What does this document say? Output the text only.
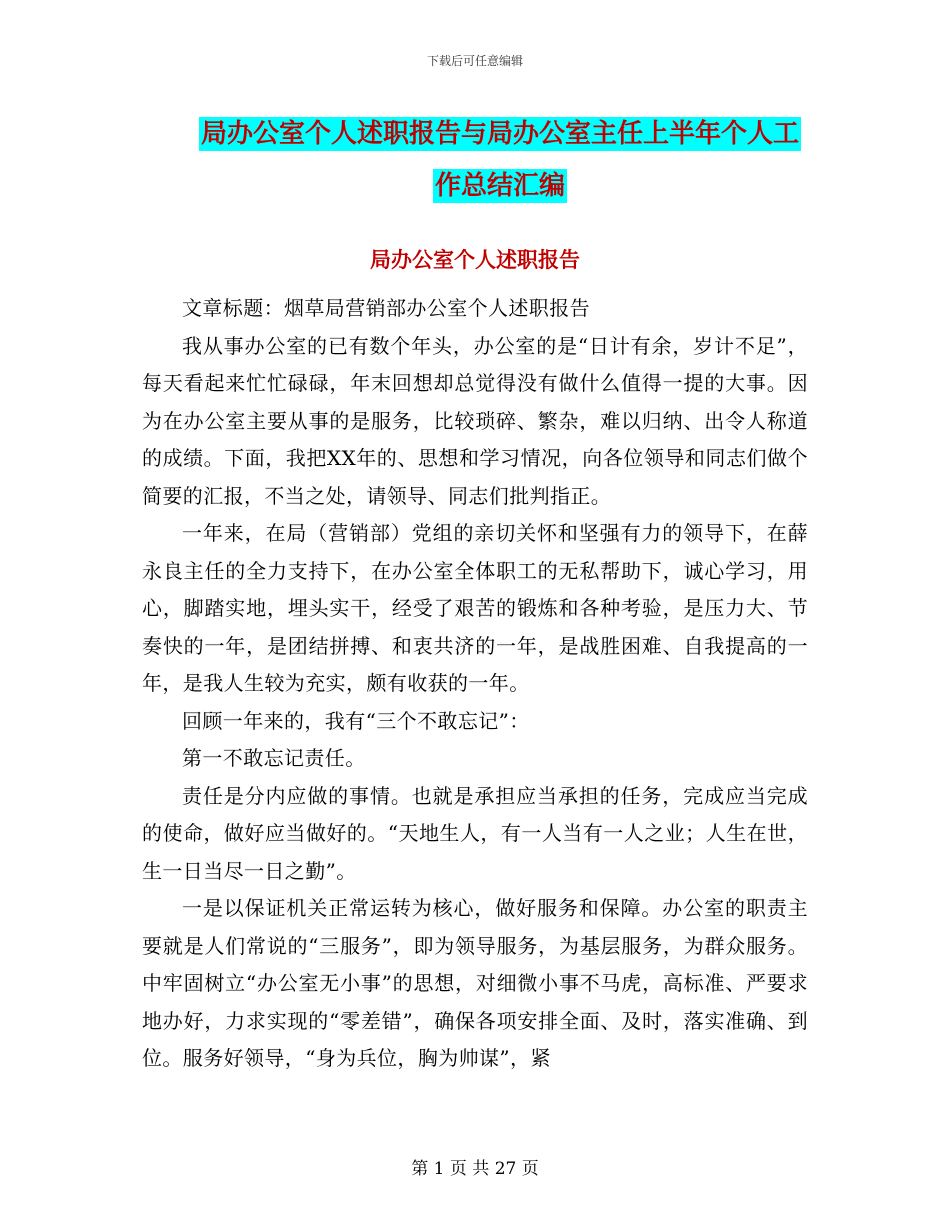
下载后可任意编辑
局办公室个人述职报告与局办公室主任上半年个人工
作总结汇编
局办公室个人述职报告

文章标题：烟草局营销部办公室个人述职报告

我从事办公室的已有数个年头，办公室的是“日计有余，岁计不足”，每天看起来忙忙碌碌，年末回想却总觉得没有做什么值得一提的大事。因为在办公室主要从事的是服务，比较琐碎、繁杂，难以归纳、出令人称道的成绩。下面，我把XX年的、思想和学习情况，向各位领导和同志们做个简要的汇报，不当之处，请领导、同志们批判指正。

一年来，在局（营销部）党组的亲切关怀和坚强有力的领导下，在薛永良主任的全力支持下，在办公室全体职工的无私帮助下，诚心学习，用心，脚踏实地，埋头实干，经受了艰苦的锻炼和各种考验，是压力大、节奏快的一年，是团结拼搏、和衷共济的一年，是战胜困难、自我提高的一年，是我人生较为充实，颇有收获的一年。

回顾一年来的，我有“三个不敢忘记”：

第一不敢忘记责任。

责任是分内应做的事情。也就是承担应当承担的任务，完成应当完成的使命，做好应当做好的。“天地生人，有一人当有一人之业；人生在世，生一日当尽一日之勤”。

一是以保证机关正常运转为核心，做好服务和保障。办公室的职责主要就是人们常说的“三服务”，即为领导服务，为基层服务，为群众服务。中牢固树立“办公室无小事”的思想，对细微小事不马虎，高标准、严要求地办好，力求实现的“零差错”，确保各项安排全面、及时，落实准确、到位。服务好领导，“身为兵位，胸为帅谋”，紧

第 1 页 共 27 页
